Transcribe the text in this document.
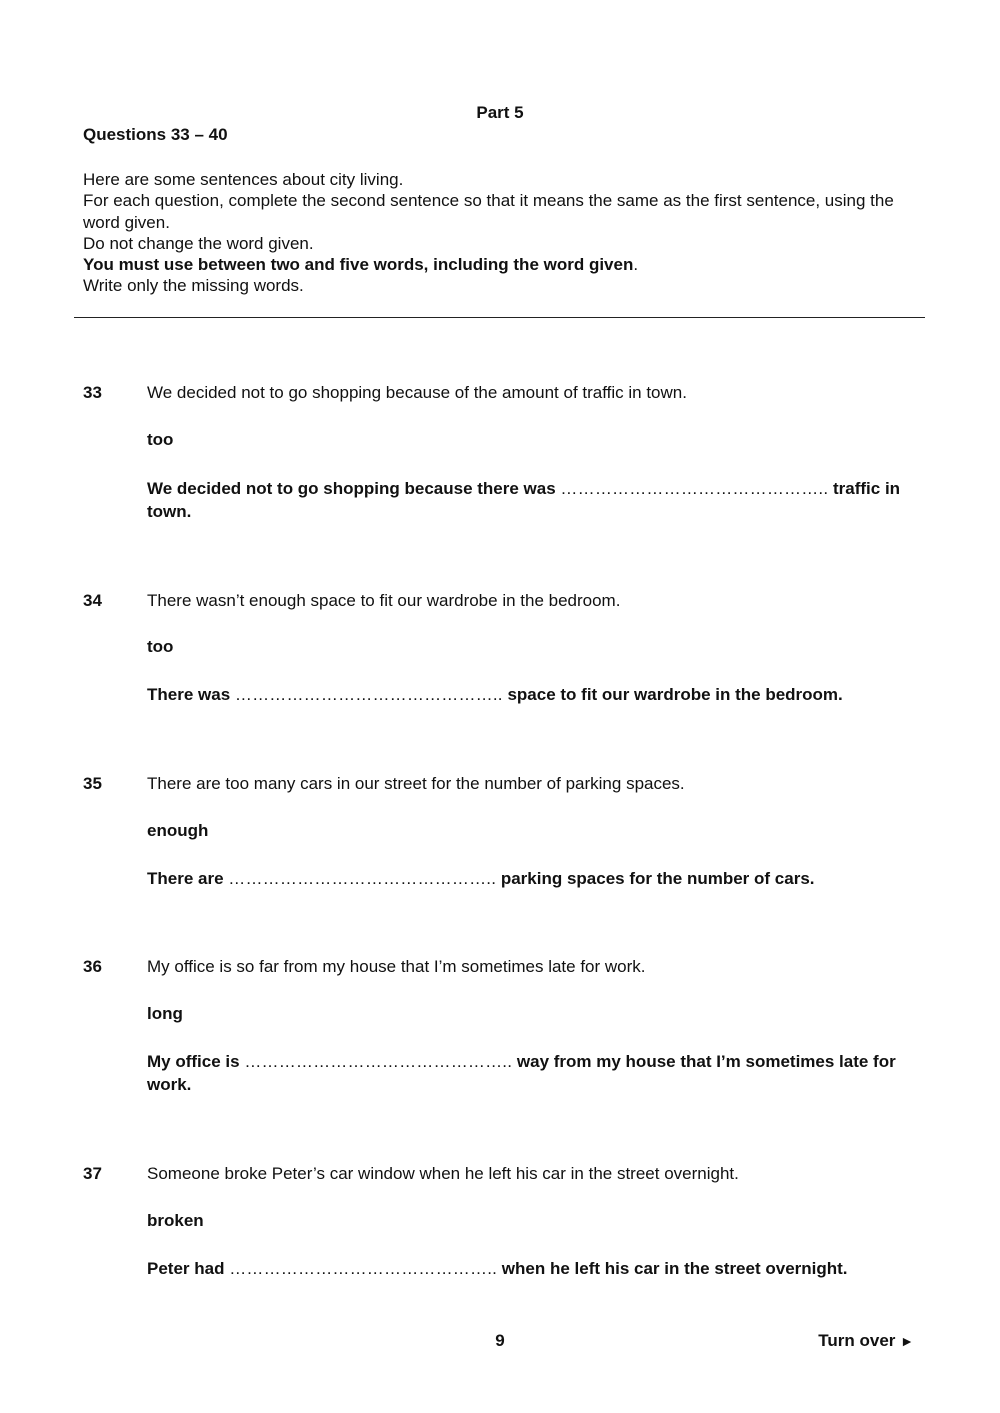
Part 5
Questions 33 – 40
Here are some sentences about city living.
For each question, complete the second sentence so that it means the same as the first sentence, using the word given.
Do not change the word given.
You must use between two and five words, including the word given.
Write only the missing words.
33	We decided not to go shopping because of the amount of traffic in town.
too
We decided not to go shopping because there was ……………………………………….. traffic in town.
34	There wasn’t enough space to fit our wardrobe in the bedroom.
too
There was ……………………………………….. space to fit our wardrobe in the bedroom.
35	There are too many cars in our street for the number of parking spaces.
enough
There are ……………………………………….. parking spaces for the number of cars.
36	My office is so far from my house that I’m sometimes late for work.
long
My office is ……………………………………….. way from my house that I’m sometimes late for work.
37	Someone broke Peter’s car window when he left his car in the street overnight.
broken
Peter had ……………………………………….. when he left his car in the street overnight.
9	Turn over ►
